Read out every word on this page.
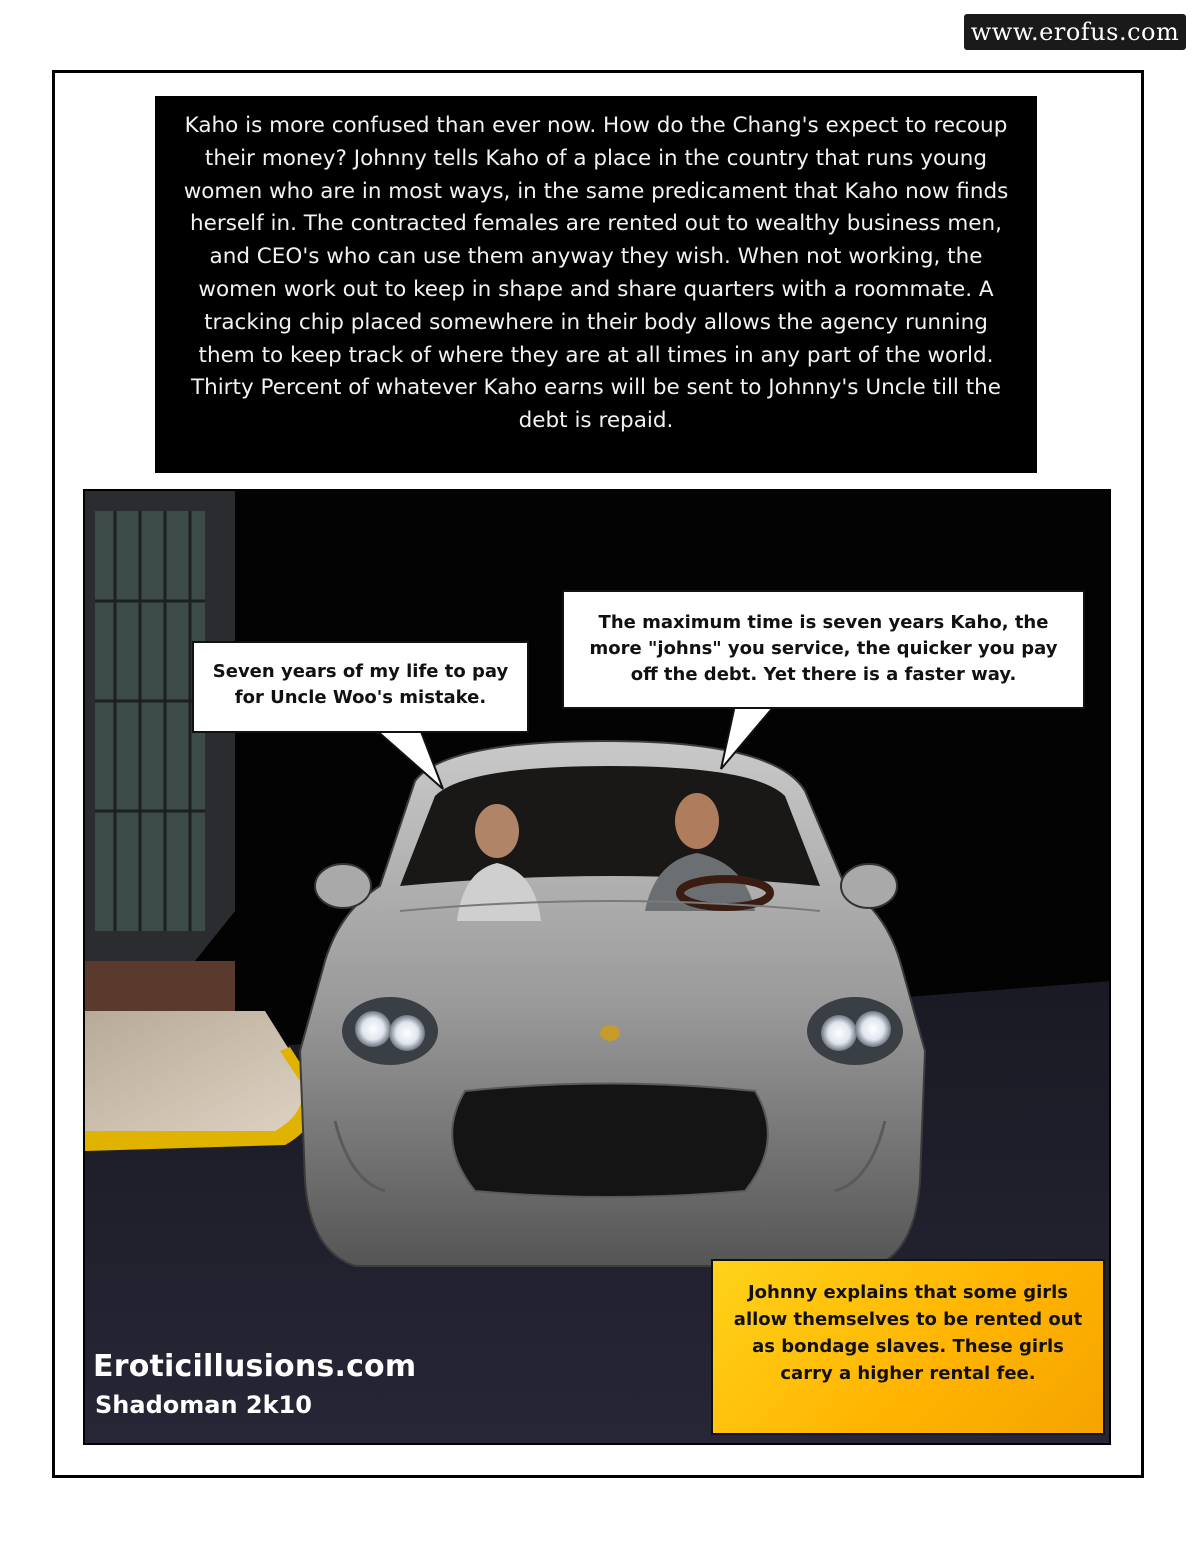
www.erofus.com
Kaho is more confused than ever now. How do the Chang's expect to recoup their money? Johnny tells Kaho of a place in the country that runs young women who are in most ways, in the same predicament that Kaho now finds herself in. The contracted females are rented out to wealthy business men, and CEO's who can use them anyway they wish. When not working, the women work out to keep in shape and share quarters with a roommate. A tracking chip placed somewhere in their body allows the agency running them to keep track of where they are at all times in any part of the world. Thirty Percent of whatever Kaho earns will be sent to Johnny's Uncle till the debt is repaid.
Seven years of my life to pay for Uncle Woo's mistake.
The maximum time is seven years Kaho, the more "johns" you service, the quicker you pay off the debt. Yet there is a faster way.
Johnny explains that some girls allow themselves to be rented out as bondage slaves. These girls carry a higher rental fee.
Eroticillusions.com
Shadoman 2k10
